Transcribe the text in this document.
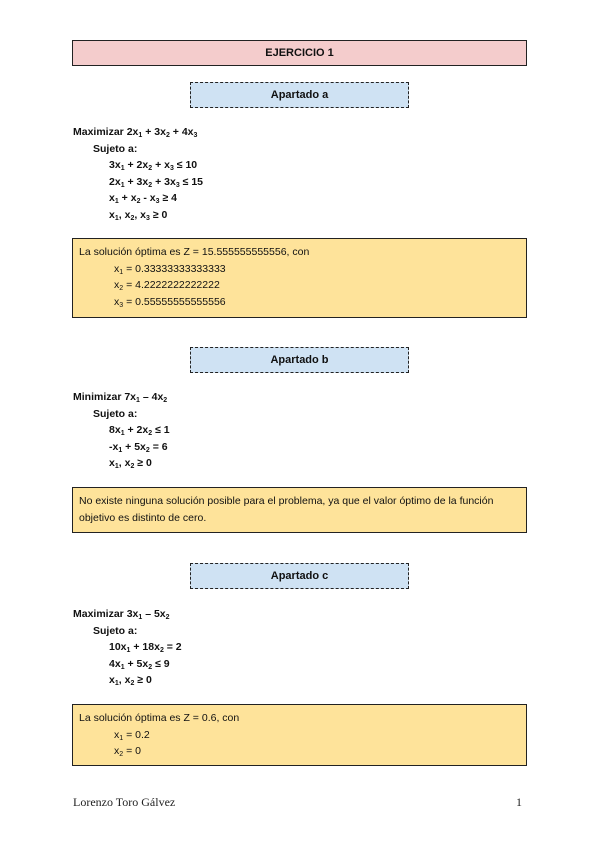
EJERCICIO 1
Apartado a
Maximizar $2x_1 + 3x_2 + 4x_3$
Sujeto a:
$3x_1 + 2x_2 + x_3 \le 10$
$2x_1 + 3x_2 + 3x_3 \le 15$
$x_1 + x_2 - x_3 \ge 4$
$x_1$, $x_2$, $x_3 \ge 0$
La solución óptima es Z = 15.555555555556, con
$x_1 = 0.33333333333333$
$x_2 = 4.2222222222222$
$x_3 = 0.55555555555556$
Apartado b
Minimizar $7x_1 - 4x_2$
Sujeto a:
$8x_1 + 2x_2 \le 1$
$-x_1 + 5x_2 = 6$
$x_1$, $x_2 \ge 0$
No existe ninguna solución posible para el problema, ya que el valor óptimo de la función
objetivo es distinto de cero.
Apartado c
Maximizar $3x_1 - 5x_2$
Sujeto a:
$10x_1 + 18x_2 = 2$
$4x_1 + 5x_2 \le 9$
$x_1$, $x_2 \ge 0$
La solución óptima es Z = 0.6, con
$x_1 = 0.2$
$x_2 = 0$
Lorenzo Toro Gálvez	1
